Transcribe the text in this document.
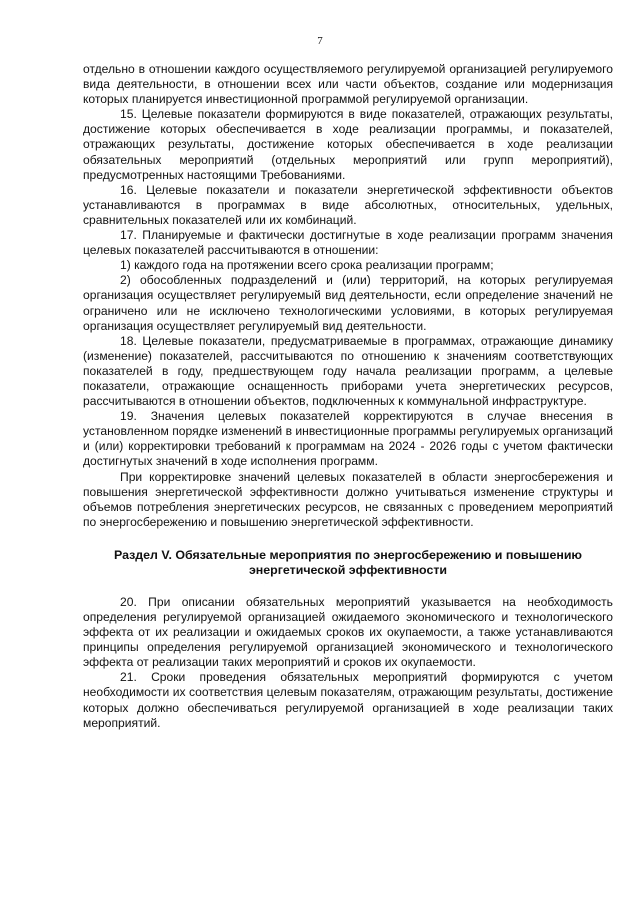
7

отдельно в отношении каждого осуществляемого регулируемой организацией регулируемого вида деятельности, в отношении всех или части объектов, создание или модернизация которых планируется инвестиционной программой регулируемой организации.

15. Целевые показатели формируются в виде показателей, отражающих результаты, достижение которых обеспечивается в ходе реализации программы, и показателей, отражающих результаты, достижение которых обеспечивается в ходе реализации обязательных мероприятий (отдельных мероприятий или групп мероприятий), предусмотренных настоящими Требованиями.

16. Целевые показатели и показатели энергетической эффективности объектов устанавливаются в программах в виде абсолютных, относительных, удельных, сравнительных показателей или их комбинаций.

17. Планируемые и фактически достигнутые в ходе реализации программ значения целевых показателей рассчитываются в отношении:

1) каждого года на протяжении всего срока реализации программ;

2) обособленных подразделений и (или) территорий, на которых регулируемая организация осуществляет регулируемый вид деятельности, если определение значений не ограничено или не исключено технологическими условиями, в которых регулируемая организация осуществляет регулируемый вид деятельности.

18. Целевые показатели, предусматриваемые в программах, отражающие динамику (изменение) показателей, рассчитываются по отношению к значениям соответствующих показателей в году, предшествующем году начала реализации программ, а целевые показатели, отражающие оснащенность приборами учета энергетических ресурсов, рассчитываются в отношении объектов, подключенных к коммунальной инфраструктуре.

19. Значения целевых показателей корректируются в случае внесения в установленном порядке изменений в инвестиционные программы регулируемых организаций и (или) корректировки требований к программам на 2024 - 2026 годы с учетом фактически достигнутых значений в ходе исполнения программ.

При корректировке значений целевых показателей в области энергосбережения и повышения энергетической эффективности должно учитываться изменение структуры и объемов потребления энергетических ресурсов, не связанных с проведением мероприятий по энергосбережению и повышению энергетической эффективности.

Раздел V. Обязательные мероприятия по энергосбережению и повышению
энергетической эффективности

20. При описании обязательных мероприятий указывается на необходимость определения регулируемой организацией ожидаемого экономического и технологического эффекта от их реализации и ожидаемых сроков их окупаемости, а также устанавливаются принципы определения регулируемой организацией экономического и технологического эффекта от реализации таких мероприятий и сроков их окупаемости.

21. Сроки проведения обязательных мероприятий формируются с учетом необходимости их соответствия целевым показателям, отражающим результаты, достижение которых должно обеспечиваться регулируемой организацией в ходе реализации таких мероприятий.
